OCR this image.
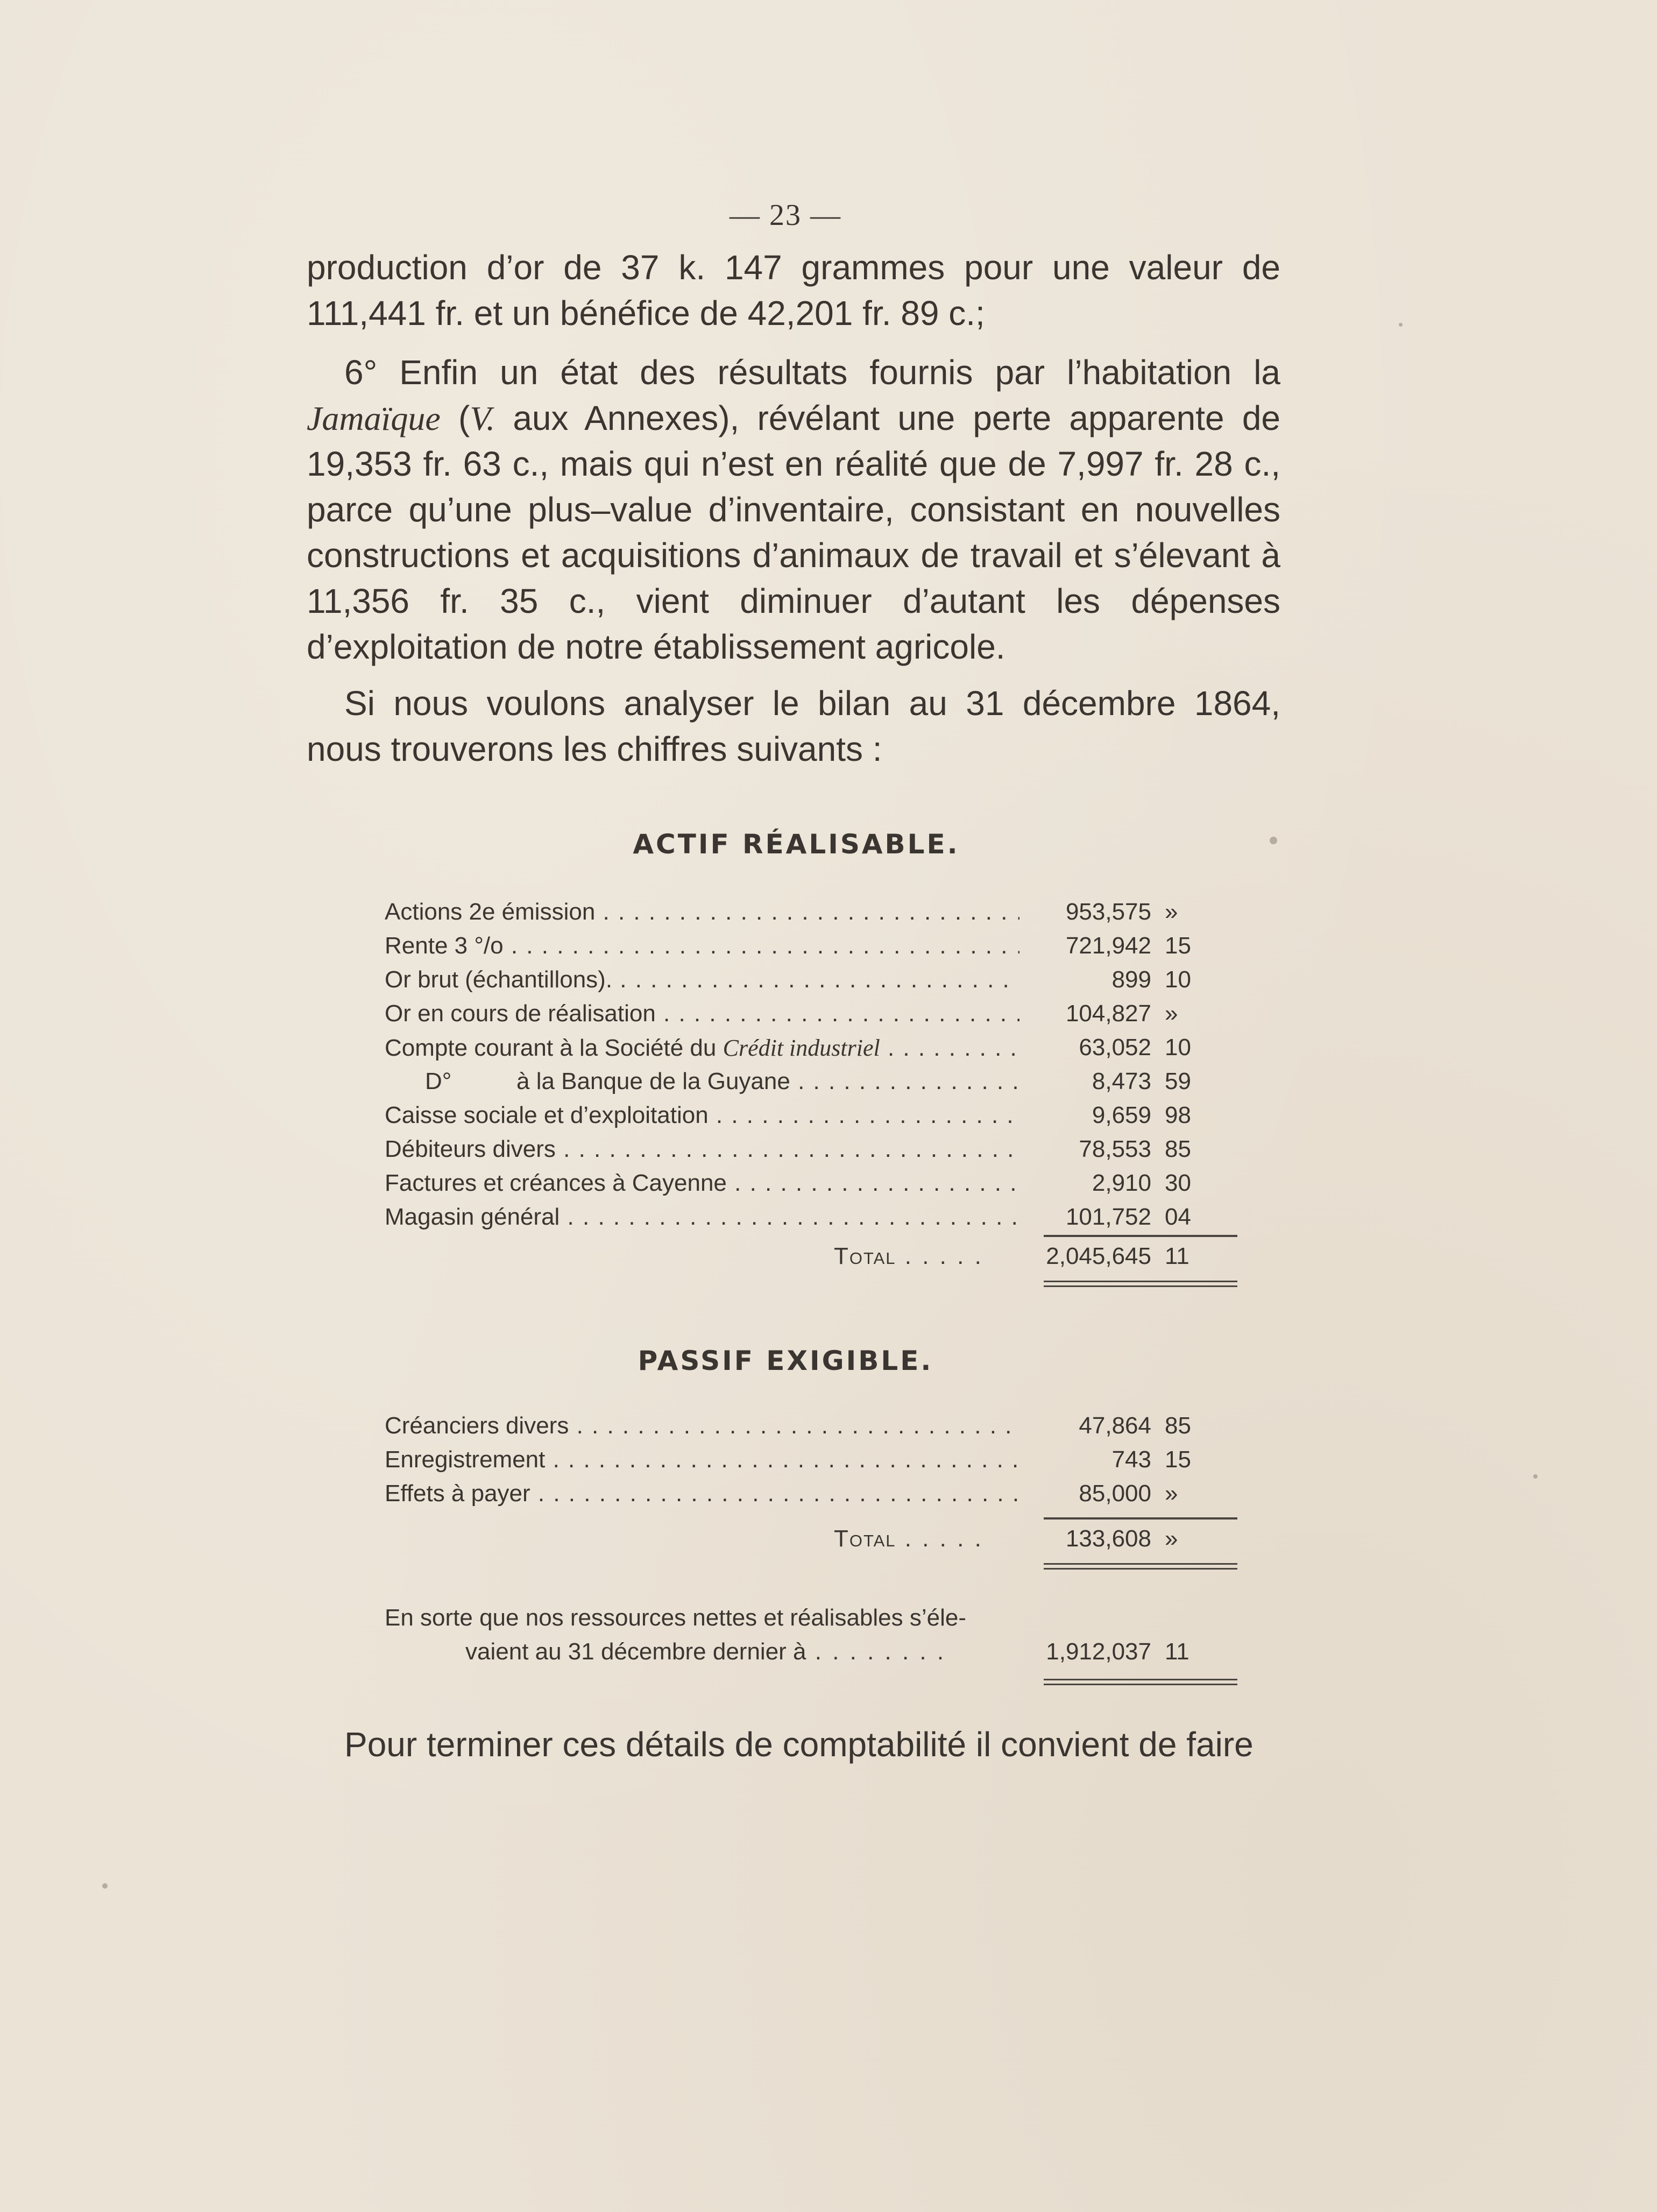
— 23 —

production d’or de 37 k. 147 grammes pour une valeur de 111,441 fr. et un bénéfice de 42,201 fr. 89 c.;

6° Enfin un état des résultats fournis par l’habitation la Jamaïque (V. aux Annexes), révélant une perte apparente de 19,353 fr. 63 c., mais qui n’est en réalité que de 7,997 fr. 28 c., parce qu’une plus–value d’inventaire, consistant en nouvelles constructions et acquisitions d’animaux de travail et s’élevant à 11,356 fr. 35 c., vient diminuer d’autant les dépenses d’exploitation de notre établissement agricole.

Si nous voulons analyser le bilan au 31 décembre 1864, nous trouverons les chiffres suivants :

ACTIF RÉALISABLE.
Actions 2e émission . . .	953,575 »
Rente 3 °/o . . .	721,942 15
Or brut (échantillons). . . .	899 10
Or en cours de réalisation . . .	104,827 »
Compte courant à la Société du Crédit industriel . . .	63,052 10
D°	à la Banque de la Guyane . . .	8,473 59
Caisse sociale et d’exploitation . . .	9,659 98
Débiteurs divers . . .	78,553 85
Factures et créances à Cayenne . . .	2,910 30
Magasin général . . .	101,752 04
Total . . .	2,045,645 11
PASSIF EXIGIBLE.
Créanciers divers . . .	47,864 85
Enregistrement . . .	743 15
Effets à payer . . .	85,000 »
Total . . .	133,608 »
En sorte que nos ressources nettes et réalisables s’éle-
vaient au 31 décembre dernier à . . .	1,912,037 11
Pour terminer ces détails de comptabilité il convient de faire
